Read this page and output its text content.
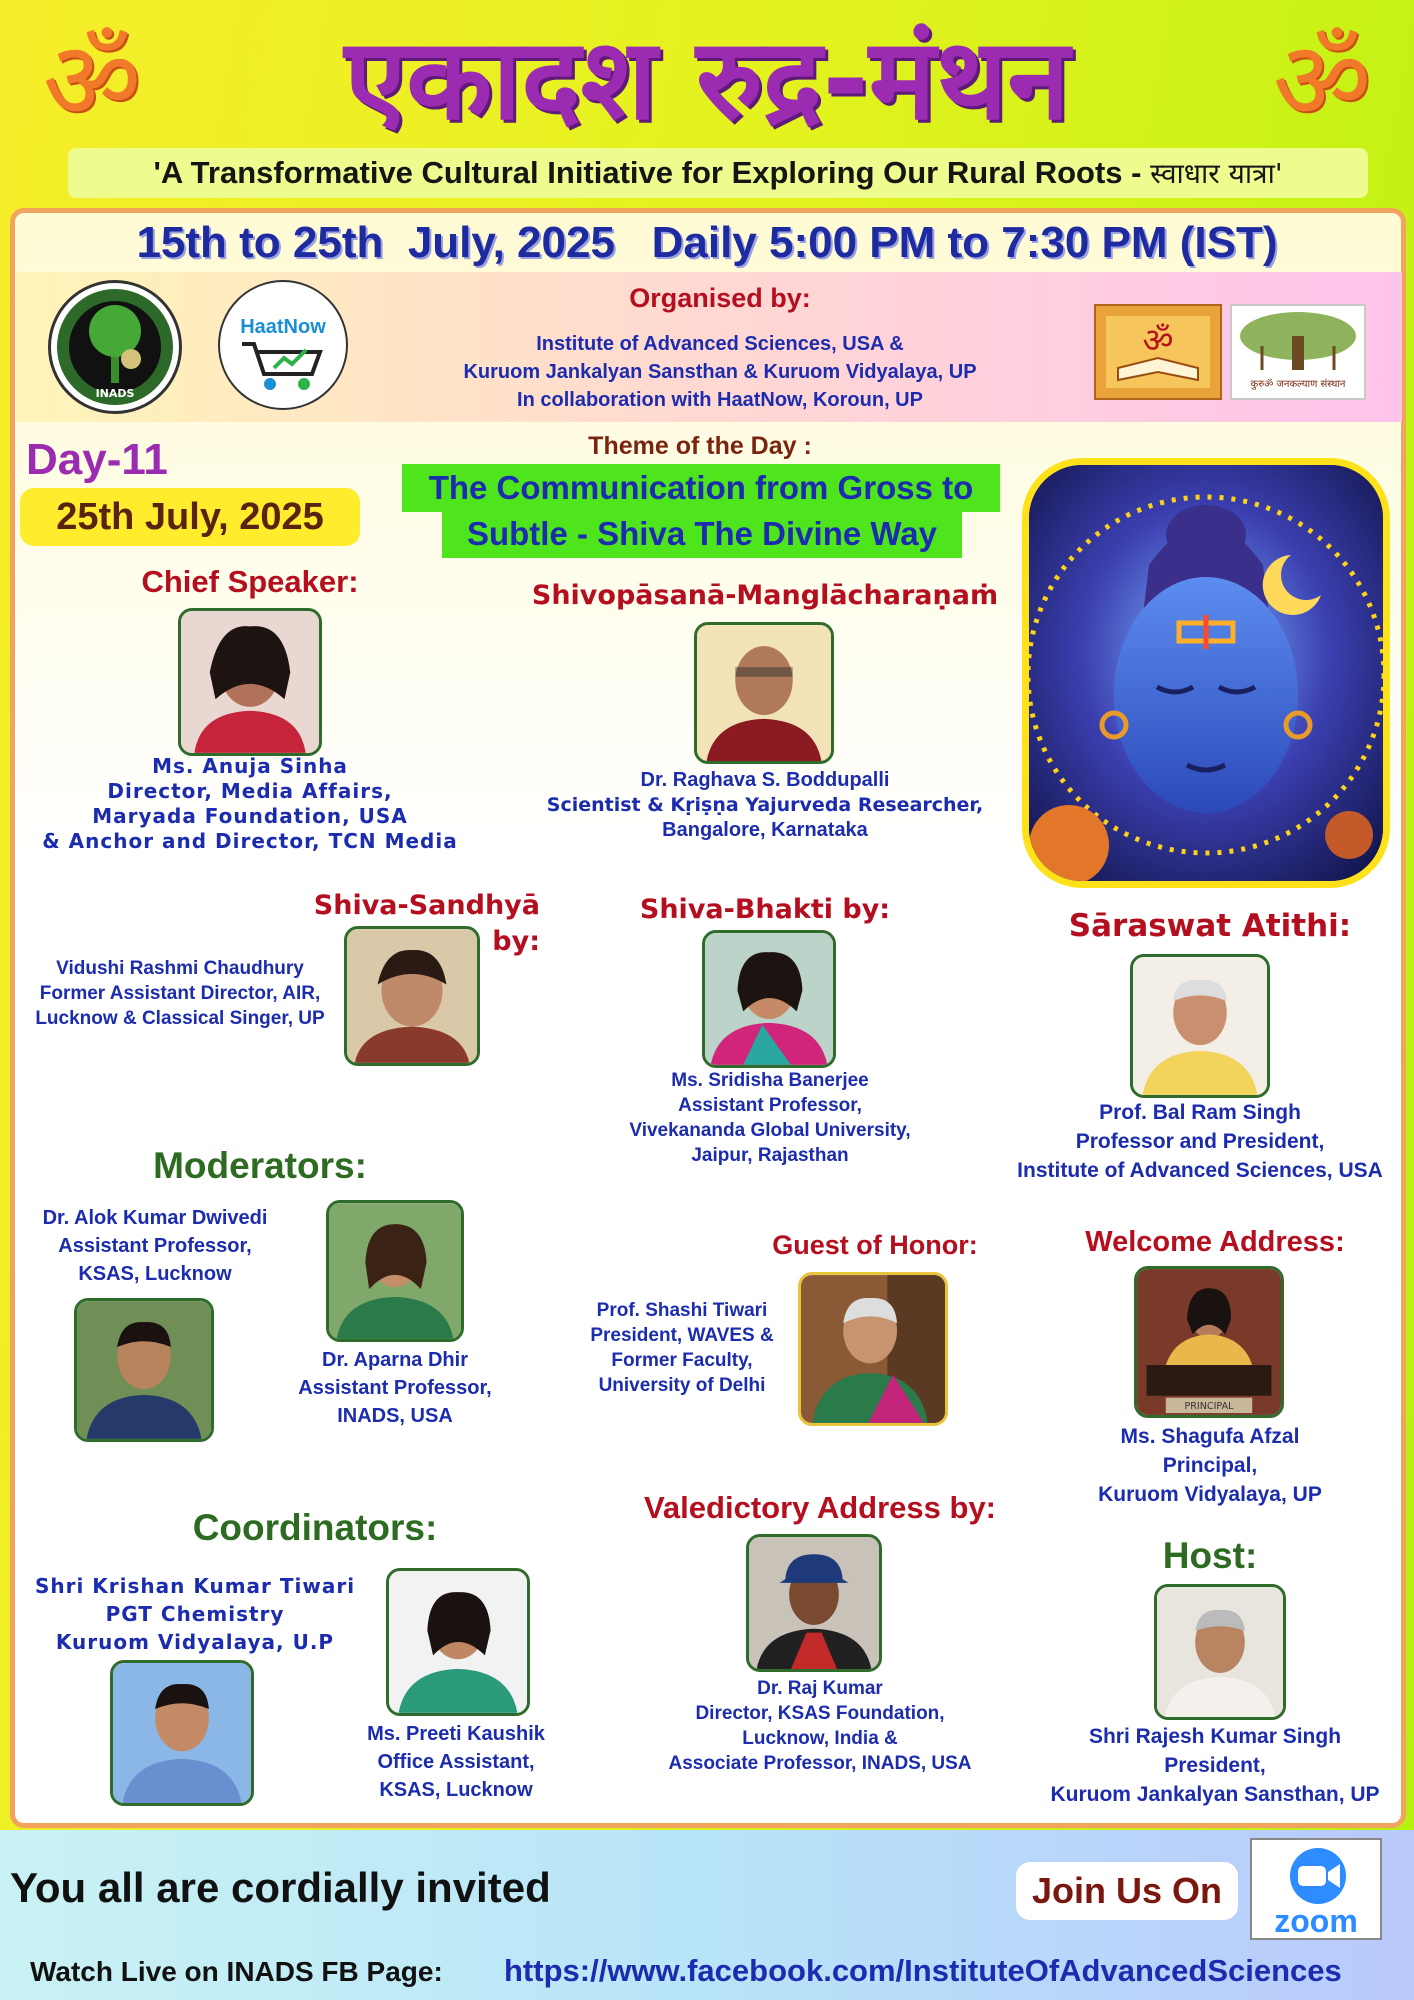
ॐ	एकादश रुद्र-मंथन	ॐ
'A Transformative Cultural Initiative for Exploring Our Rural Roots - स्वाधार यात्रा'
15th to 25th  July, 2025   Daily 5:00 PM to 7:30 PM (IST)
INADS
HaatNow
Organised by:
Institute of Advanced Sciences, USA &
Kuruom Jankalyan Sansthan & Kuruom Vidyalaya, UP
In collaboration with HaatNow, Koroun, UP
ॐ
कुरुॐ जनकल्याण संस्थान
Day-11
25th July, 2025
Theme of the Day :
The Communication from Gross to
Subtle - Shiva The Divine Way
Chief Speaker:
Ms. Anuja Sinha
Director, Media Affairs,
Maryada Foundation, USA
& Anchor and Director, TCN Media
Shivopāsanā-Manglācharaṇaṁ
Dr. Raghava S. Boddupalli
Scientist & Kṛiṣṇa Yajurveda Researcher,
Bangalore, Karnataka
Shiva-Sandhyā by:
Vidushi Rashmi Chaudhury
Former Assistant Director, AIR,
Lucknow & Classical Singer, UP
Shiva-Bhakti by:
Ms. Sridisha Banerjee
Assistant Professor,
Vivekananda Global University,
Jaipur, Rajasthan
Sāraswat Atithi:
Prof. Bal Ram Singh
Professor and President,
Institute of Advanced Sciences, USA
Moderators:
Dr. Alok Kumar Dwivedi
Assistant Professor,
KSAS, Lucknow
Dr. Aparna Dhir
Assistant Professor,
INADS, USA
Guest of Honor:
Prof. Shashi Tiwari
President, WAVES &
Former Faculty,
University of Delhi
Welcome Address:
PRINCIPAL
Ms. Shagufa Afzal
Principal,
Kuruom Vidyalaya, UP
Coordinators:
Shri Krishan Kumar Tiwari
PGT Chemistry
Kuruom Vidyalaya, U.P
Ms. Preeti Kaushik
Office Assistant,
KSAS, Lucknow
Valedictory Address by:
Dr. Raj Kumar
Director, KSAS Foundation,
Lucknow, India &
Associate Professor, INADS, USA
Host:
Shri Rajesh Kumar Singh
President,
Kuruom Jankalyan Sansthan, UP
You all are cordially invited	Join Us On
zoom
Watch Live on INADS FB Page:	https://www.facebook.com/InstituteOfAdvancedSciences
